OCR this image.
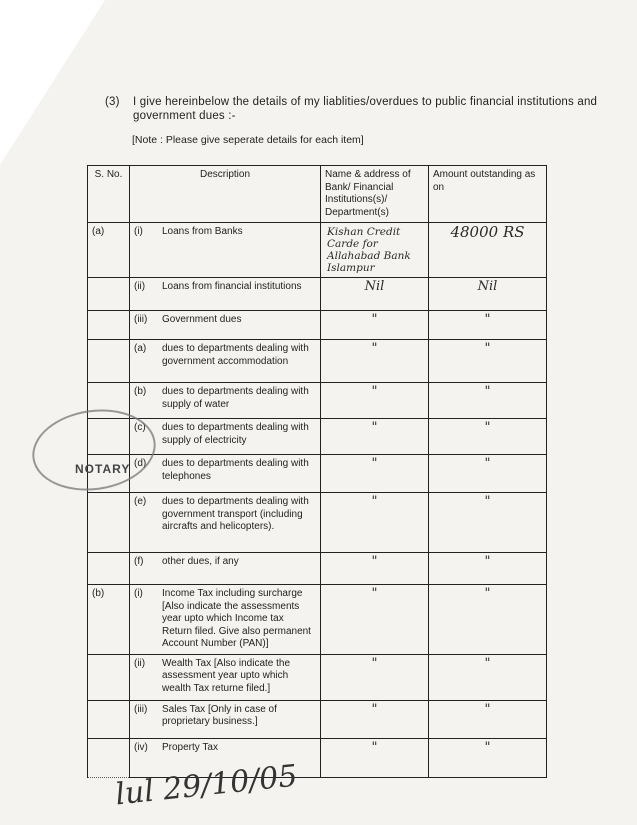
(3) I give hereinbelow the details of my liablities/overdues to public financial institutions and government dues :-
[Note : Please give seperate details for each item]
S. No.	Description	Name & address of Bank/ Financial Institutions(s)/ Department(s)	Amount outstanding as on
(a)	(i) Loans from Banks	Kishan Credit Carde for Allahabad Bank Islampur	48000 RS

	(ii) Loans from financial institutions	Nil	Nil

	(iii) Government dues	"	"

	(a) dues to departments dealing with government accommodation	"	"

	(b) dues to departments dealing with supply of water	"	"

	(c) dues to departments dealing with supply of electricity	"	"

	(d) dues to departments dealing with telephones	"	"

	(e) dues to departments dealing with government transport (including aircrafts and helicopters).	"	"

	(f) other dues, if any	"	"
(b)	(i) Income Tax including surcharge [Also indicate the assessments year upto which Income tax Return filed. Give also permanent Account Number (PAN)]	"	"

	(ii) Wealth Tax [Also indicate the assessment year upto which wealth Tax returne filed.]	"	"

	(iii) Sales Tax [Only in case of proprietary business.]	"	"

	(iv) Property Tax	"	"
NOTARY
lul 29/10/05
